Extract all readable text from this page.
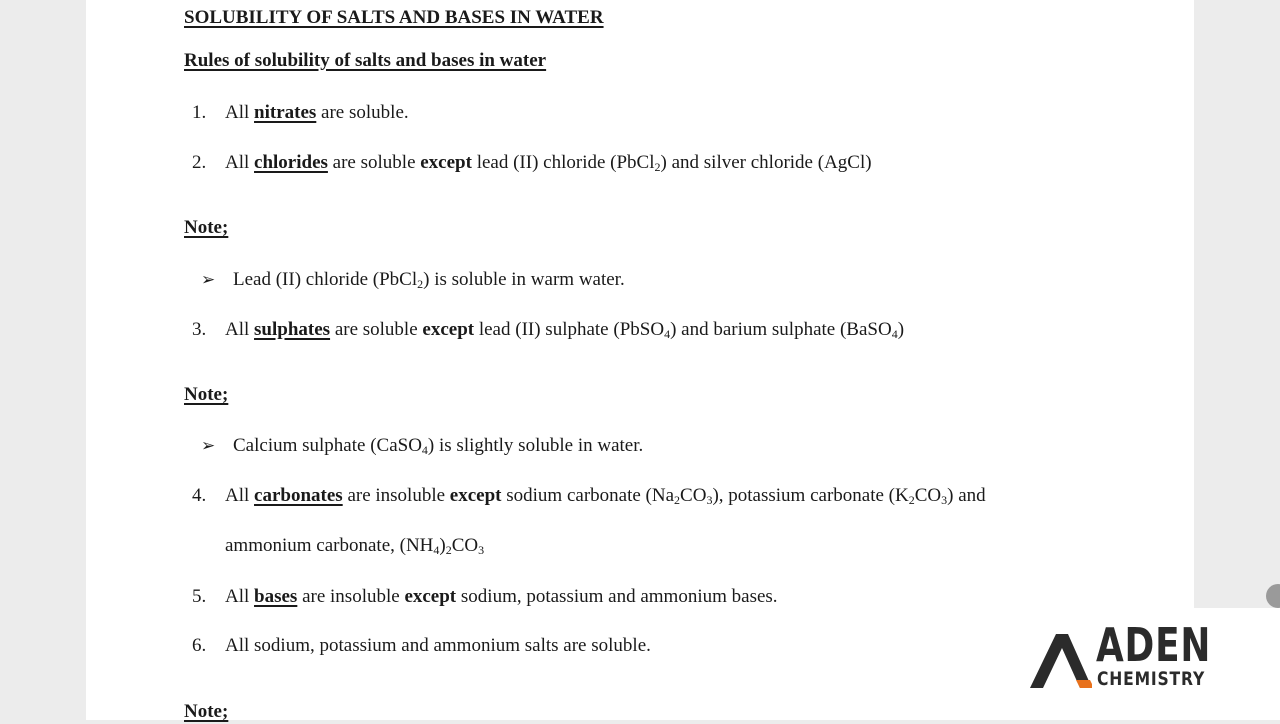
SOLUBILITY OF SALTS AND BASES IN WATER
Rules of solubility of salts and bases in water
1. All nitrates are soluble.
2. All chlorides are soluble except lead (II) chloride (PbCl$_2$) and silver chloride (AgCl)
Note;
➢ Lead (II) chloride (PbCl$_2$) is soluble in warm water.
3. All sulphates are soluble except lead (II) sulphate (PbSO$_4$) and barium sulphate (BaSO$_4$)
Note;
➢ Calcium sulphate (CaSO$_4$) is slightly soluble in water.
4. All carbonates are insoluble except sodium carbonate $(Na_2CO_3)$, potassium carbonate $(K_2CO_3)$ and
ammonium carbonate, $(NH_4)_2CO_3$
5. All bases are insoluble except sodium, potassium and ammonium bases.
6. All sodium, potassium and ammonium salts are soluble.
Note;
ADEN
CHEMISTRY
